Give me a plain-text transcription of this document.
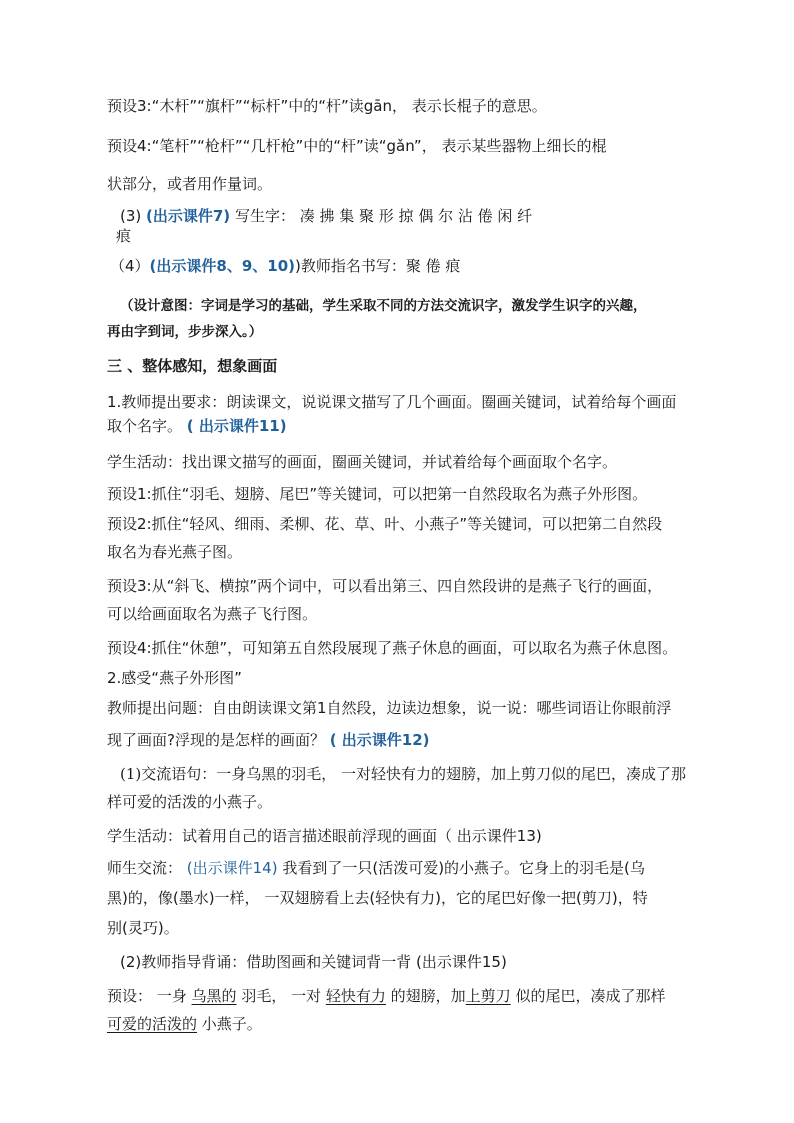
预设3:“木杆”“旗杆”“标杆”中的“杆”读gān， 表示长棍子的意思。
预设4:“笔杆”“枪杆”“几杆枪”中的“杆”读“gǎn”， 表示某些器物上细长的棍
状部分，或者用作量词。
(3) (出示课件7) 写生字： 凑 拂 集 聚 形 掠 偶 尔 沾 倦 闲 纤
痕
（4）(出示课件8、9、10))教师指名书写：聚 倦 痕
（设计意图：字词是学习的基础，学生采取不同的方法交流识字，激发学生识字的兴趣，
再由字到词，步步深入。）
三 、整体感知，想象画面
1.教师提出要求：朗读课文，说说课文描写了几个画面。圈画关键词，试着给每个画面
取个名字。 ( 出示课件11)
学生活动：找出课文描写的画面，圈画关键词，并试着给每个画面取个名字。
预设1:抓住“羽毛、翅膀、尾巴”等关键词，可以把第一自然段取名为燕子外形图。
预设2:抓住“轻风、细雨、柔柳、花、草、叶、小燕子”等关键词，可以把第二自然段
取名为春光燕子图。
预设3:从“斜飞、横掠”两个词中，可以看出第三、四自然段讲的是燕子飞行的画面，
可以给画面取名为燕子飞行图。
预设4:抓住“休憩”，可知第五自然段展现了燕子休息的画面，可以取名为燕子休息图。
2.感受“燕子外形图”
教师提出问题：自由朗读课文第1自然段，边读边想象，说一说：哪些词语让你眼前浮
现了画面?浮现的是怎样的画面？ ( 出示课件12)
(1)交流语句：一身乌黑的羽毛， 一对轻快有力的翅膀，加上剪刀似的尾巴，凑成了那
样可爱的活泼的小燕子。
学生活动：试着用自己的语言描述眼前浮现的画面（ 出示课件13)
师生交流： (出示课件14) 我看到了一只(活泼可爱)的小燕子。它身上的羽毛是(乌
黑)的，像(墨水)一样， 一双翅膀看上去(轻快有力)，它的尾巴好像一把(剪刀)，特
别(灵巧)。
(2)教师指导背诵：借助图画和关键词背一背 (出示课件15)
预设： 一身 乌黑的 羽毛， 一对 轻快有力 的翅膀，加上剪刀 似的尾巴，凑成了那样
可爱的活泼的 小燕子。
